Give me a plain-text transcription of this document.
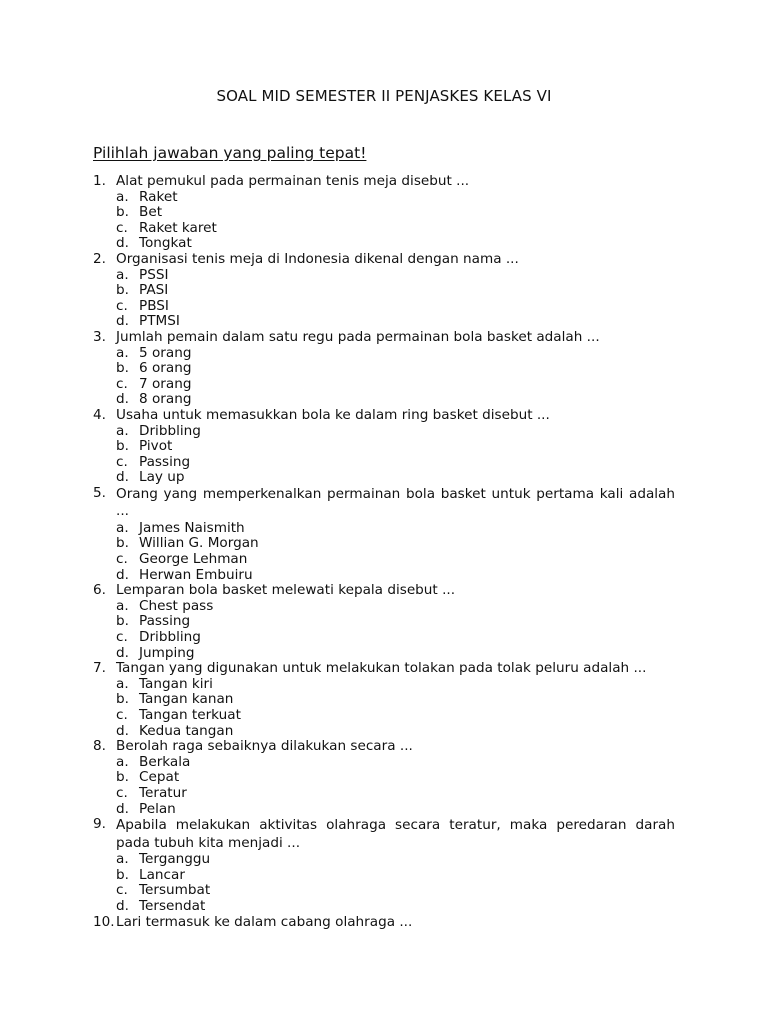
SOAL MID SEMESTER II PENJASKES KELAS VI
Pilihlah jawaban yang paling tepat!
1. Alat pemukul pada permainan tenis meja disebut ...
a. Raket
b. Bet
c. Raket karet
d. Tongkat
2. Organisasi tenis meja di Indonesia dikenal dengan nama ...
a. PSSI
b. PASI
c. PBSI
d. PTMSI
3. Jumlah pemain dalam satu regu pada permainan bola basket adalah ...
a. 5 orang
b. 6 orang
c. 7 orang
d. 8 orang
4. Usaha untuk memasukkan bola ke dalam ring basket disebut ...
a. Dribbling
b. Pivot
c. Passing
d. Lay up
5. Orang yang memperkenalkan permainan bola basket untuk pertama kali adalah ...
a. James Naismith
b. Willian G. Morgan
c. George Lehman
d. Herwan Embuiru
6. Lemparan bola basket melewati kepala disebut ...
a. Chest pass
b. Passing
c. Dribbling
d. Jumping
7. Tangan yang digunakan untuk melakukan tolakan pada tolak peluru adalah ...
a. Tangan kiri
b. Tangan kanan
c. Tangan terkuat
d. Kedua tangan
8. Berolah raga sebaiknya dilakukan secara ...
a. Berkala
b. Cepat
c. Teratur
d. Pelan
9. Apabila melakukan aktivitas olahraga secara teratur, maka peredaran darah pada tubuh kita menjadi ...
a. Terganggu
b. Lancar
c. Tersumbat
d. Tersendat
10. Lari termasuk ke dalam cabang olahraga ...
